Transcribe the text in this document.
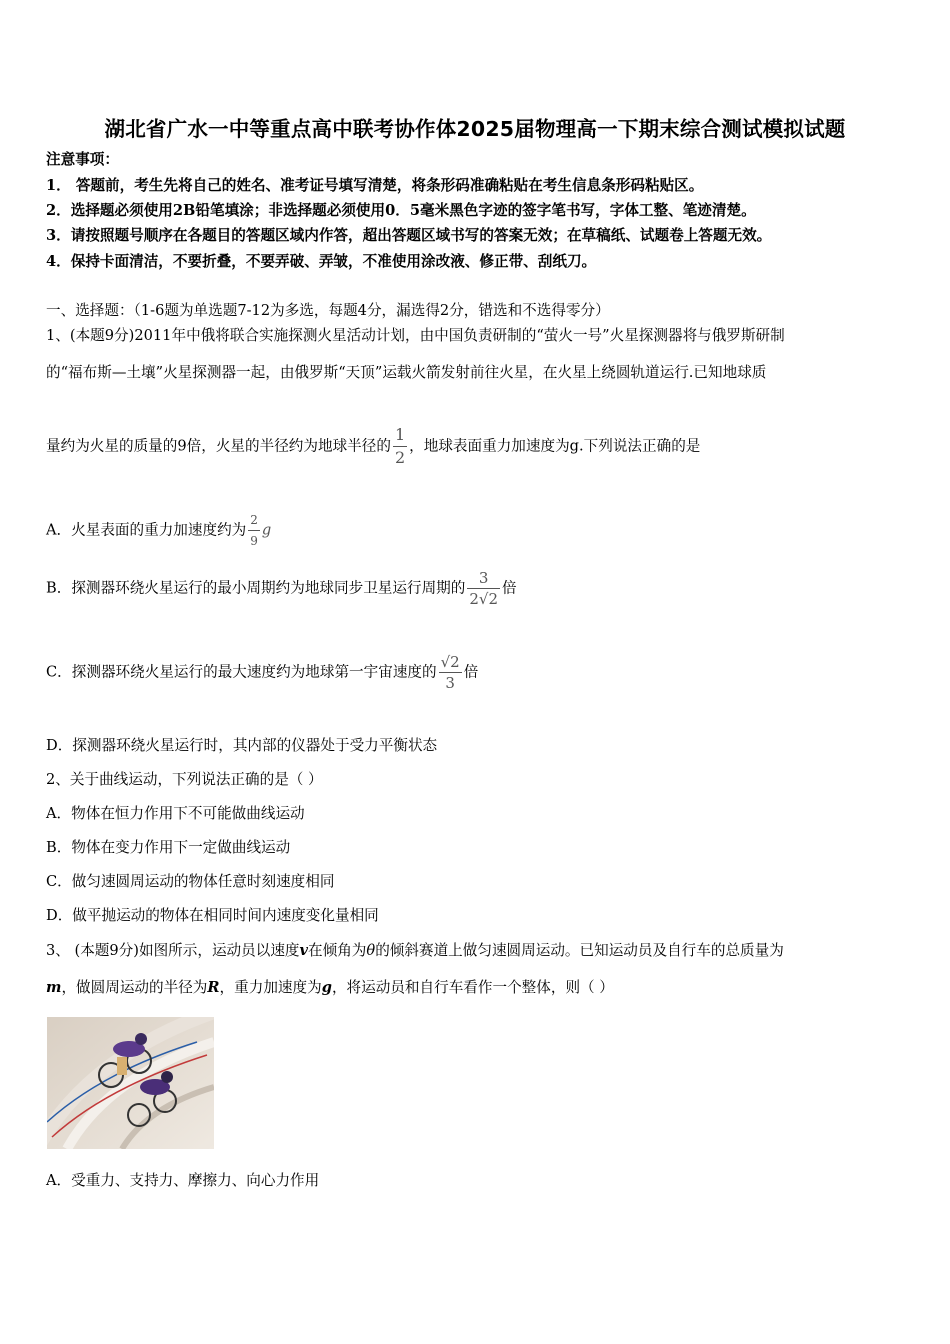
湖北省广水一中等重点高中联考协作体2025届物理高一下期末综合测试模拟试题
注意事项：
1． 答题前，考生先将自己的姓名、准考证号填写清楚，将条形码准确粘贴在考生信息条形码粘贴区。
2．选择题必须使用2B铅笔填涂；非选择题必须使用0．5毫米黑色字迹的签字笔书写，字体工整、笔迹清楚。
3．请按照题号顺序在各题目的答题区域内作答，超出答题区域书写的答案无效；在草稿纸、试题卷上答题无效。
4．保持卡面清洁，不要折叠，不要弄破、弄皱，不准使用涂改液、修正带、刮纸刀。
一、选择题：（1-6题为单选题7-12为多选，每题4分，漏选得2分，错选和不选得零分）
1、(本题9分)2011年中俄将联合实施探测火星活动计划，由中国负责研制的“萤火一号”火星探测器将与俄罗斯研制
的“福布斯—土壤”火星探测器一起，由俄罗斯“天顶”运载火箭发射前往火星，在火星上绕圆轨道运行.已知地球质
量约为火星的质量的9倍，火星的半径约为地球半径的 $\frac{1}{2}$ ，地球表面重力加速度为g.下列说法正确的是
A．火星表面的重力加速度约为 $\frac{2}{9}$ g
B．探测器环绕火星运行的最小周期约为地球同步卫星运行周期的 $\frac{3}{2√2}$ 倍
C．探测器环绕火星运行的最大速度约为地球第一宇宙速度的 $\frac{√2}{3}$ 倍
D．探测器环绕火星运行时，其内部的仪器处于受力平衡状态
2、关于曲线运动，下列说法正确的是（ ）
A．物体在恒力作用下不可能做曲线运动
B．物体在变力作用下一定做曲线运动
C．做匀速圆周运动的物体任意时刻速度相同
D．做平抛运动的物体在相同时间内速度变化量相同
3、 (本题9分)如图所示，运动员以速度v在倾角为θ的倾斜赛道上做匀速圆周运动。已知运动员及自行车的总质量为
m，做圆周运动的半径为R，重力加速度为g，将运动员和自行车看作一个整体，则（ ）
A．受重力、支持力、摩擦力、向心力作用
